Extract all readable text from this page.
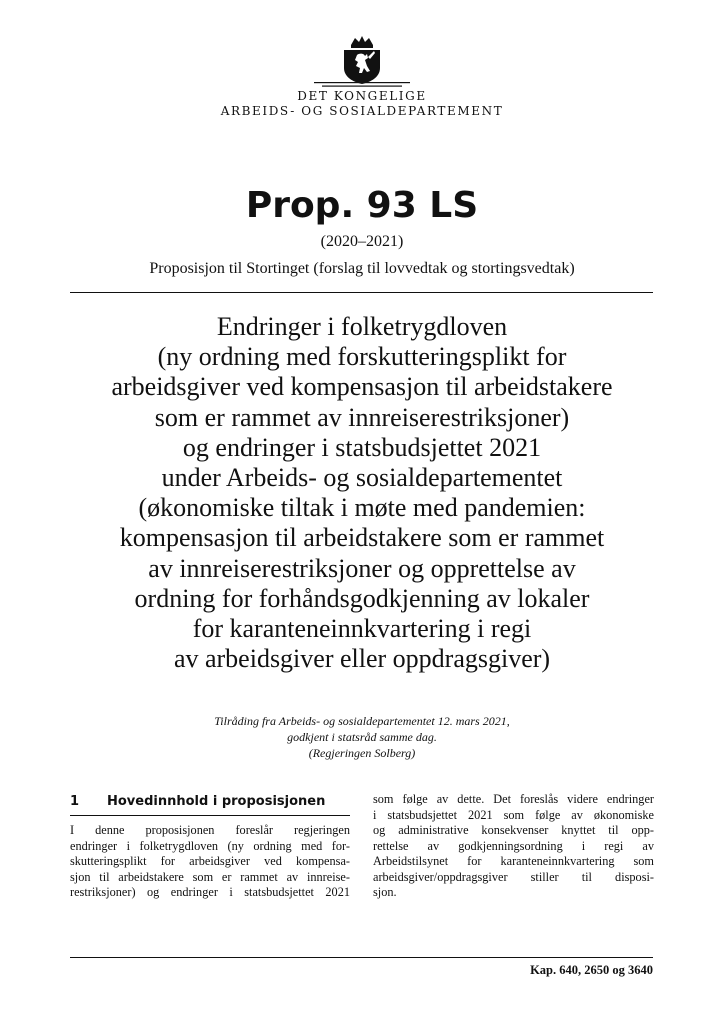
DET KONGELIGE
ARBEIDS- OG SOSIALDEPARTEMENT
Prop. 93 LS
(2020–2021)
Proposisjon til Stortinget (forslag til lovvedtak og stortingsvedtak)
Endringer i folketrygdloven
(ny ordning med forskutteringsplikt for
arbeidsgiver ved kompensasjon til arbeidstakere
som er rammet av innreiserestriksjoner)
og endringer i statsbudsjettet 2021
under Arbeids- og sosialdepartementet
(økonomiske tiltak i møte med pandemien:
kompensasjon til arbeidstakere som er rammet
av innreiserestriksjoner og opprettelse av
ordning for forhåndsgodkjenning av lokaler
for karanteneinnkvartering i regi
av arbeidsgiver eller oppdragsgiver)
Tilråding fra Arbeids- og sosialdepartementet 12. mars 2021,
godkjent i statsråd samme dag.
(Regjeringen Solberg)
1 Hovedinnhold i proposisjonen
I denne proposisjonen foreslår regjeringen
endringer i folketrygdloven (ny ordning med for-
skutteringsplikt for arbeidsgiver ved kompensa-
sjon til arbeidstakere som er rammet av innreise-
restriksjoner) og endringer i statsbudsjettet 2021
som følge av dette. Det foreslås videre endringer
i statsbudsjettet 2021 som følge av økonomiske
og administrative konsekvenser knyttet til opp-
rettelse av godkjenningsordning i regi av
Arbeidstilsynet for karanteneinnkvartering som
arbeidsgiver/oppdragsgiver stiller til disposi-
sjon.
Kap. 640, 2650 og 3640
